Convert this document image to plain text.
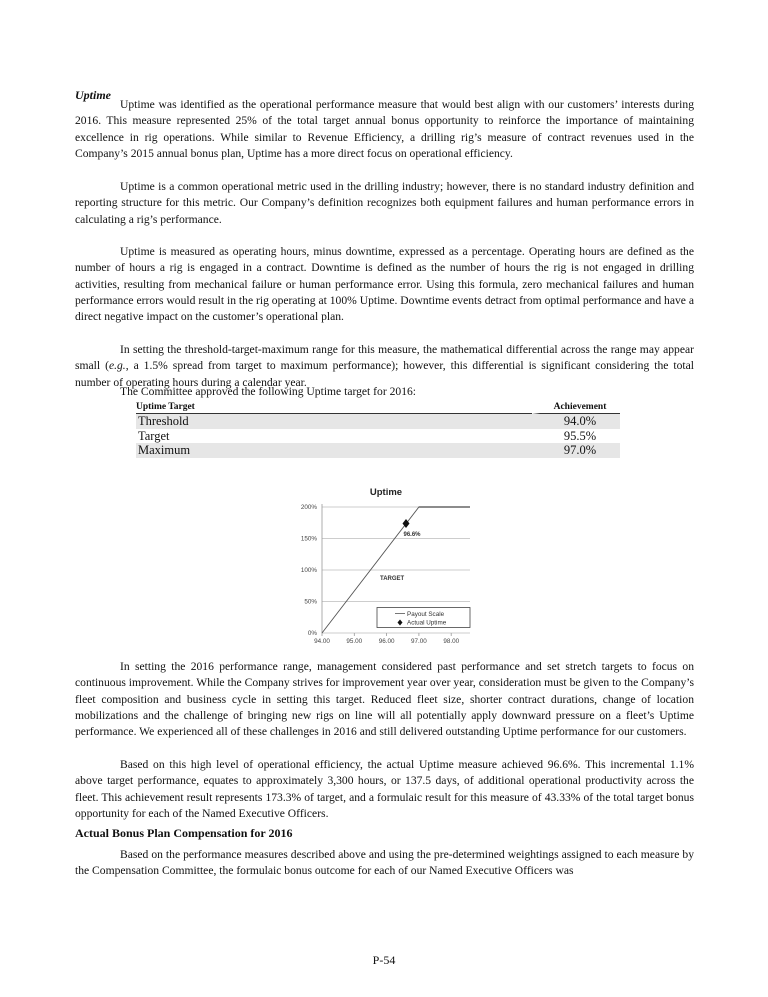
Uptime

Uptime was identified as the operational performance measure that would best align with our customers’ interests during 2016. This measure represented 25% of the total target annual bonus opportunity to reinforce the importance of maintaining excellence in rig operations. While similar to Revenue Efficiency, a drilling rig’s measure of contract revenues used in the Company’s 2015 annual bonus plan, Uptime has a more direct focus on operational efficiency.

Uptime is a common operational metric used in the drilling industry; however, there is no standard industry definition and reporting structure for this metric. Our Company’s definition recognizes both equipment failures and human performance errors in calculating a rig’s performance.

Uptime is measured as operating hours, minus downtime, expressed as a percentage. Operating hours are defined as the number of hours a rig is engaged in a contract. Downtime is defined as the number of hours the rig is not engaged in drilling activities, resulting from mechanical failure or human performance error. Using this formula, zero mechanical failures and human performance errors would result in the rig operating at 100% Uptime. Downtime events detract from optimal performance and have a direct negative impact on the customer’s operational plan.

In setting the threshold-target-maximum range for this measure, the mathematical differential across the range may appear small (e.g., a 1.5% spread from target to maximum performance); however, this differential is significant considering the total number of operating hours during a calendar year.

The Committee approved the following Uptime target for 2016:
Uptime Target	Achievement
Threshold	94.0%
Target	95.5%
Maximum	97.0%
Uptime
200%
150%
100%
50%
0%
94.00	95.00	96.00	97.00	98.00
96.6%
TARGET
Payout Scale
Actual Uptime

In setting the 2016 performance range, management considered past performance and set stretch targets to focus on continuous improvement. While the Company strives for improvement year over year, consideration must be given to the Company’s fleet composition and business cycle in setting this target. Reduced fleet size, shorter contract durations, change of location mobilizations and the challenge of bringing new rigs on line will all potentially apply downward pressure on a fleet’s Uptime performance. We experienced all of these challenges in 2016 and still delivered outstanding Uptime performance for our customers.

Based on this high level of operational efficiency, the actual Uptime measure achieved 96.6%. This incremental 1.1% above target performance, equates to approximately 3,300 hours, or 137.5 days, of additional operational productivity across the fleet. This achievement result represents 173.3% of target, and a formulaic result for this measure of 43.33% of the total target bonus opportunity for each of the Named Executive Officers.

Actual Bonus Plan Compensation for 2016

Based on the performance measures described above and using the pre-determined weightings assigned to each measure by the Compensation Committee, the formulaic bonus outcome for each of our Named Executive Officers was

P-54
